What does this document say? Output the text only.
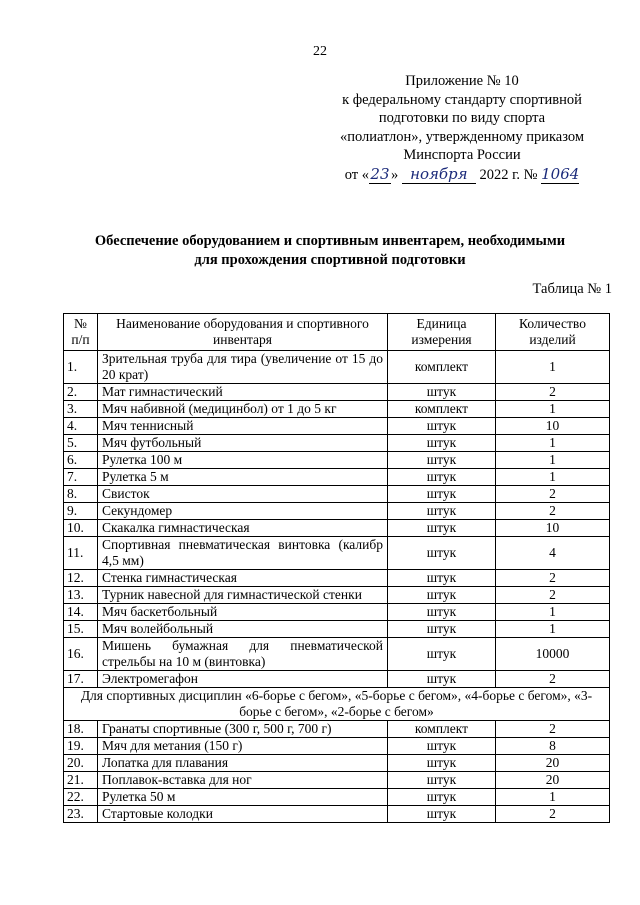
22
Приложение № 10
к федеральному стандарту спортивной
подготовки по виду спорта
«полиатлон», утвержденному приказом
Минспорта России
от «23» ноября 2022 г. № 1064
Обеспечение оборудованием и спортивным инвентарем, необходимыми
для прохождения спортивной подготовки
Таблица № 1
№ п/п	Наименование оборудования и спортивного инвентаря	Единица измерения	Количество изделий
1.	Зрительная труба для тира (увеличение от 15 до 20 крат)	комплект	1
2.	Мат гимнастический	штук	2
3.	Мяч набивной (медицинбол) от 1 до 5 кг	комплект	1
4.	Мяч теннисный	штук	10
5.	Мяч футбольный	штук	1
6.	Рулетка 100 м	штук	1
7.	Рулетка 5 м	штук	1
8.	Свисток	штук	2
9.	Секундомер	штук	2
10.	Скакалка гимнастическая	штук	10
11.	Спортивная пневматическая винтовка (калибр 4,5 мм)	штук	4
12.	Стенка гимнастическая	штук	2
13.	Турник навесной для гимнастической стенки	штук	2
14.	Мяч баскетбольный	штук	1
15.	Мяч волейбольный	штук	1
16.	Мишень бумажная для пневматической стрельбы на 10 м (винтовка)	штук	10000
17.	Электромегафон	штук	2
Для спортивных дисциплин «6-борье с бегом», «5-борье с бегом», «4-борье с бегом», «3-борье с бегом», «2-борье с бегом»			
18.	Гранаты спортивные (300 г, 500 г, 700 г)	комплект	2
19.	Мяч для метания (150 г)	штук	8
20.	Лопатка для плавания	штук	20
21.	Поплавок-вставка для ног	штук	20
22.	Рулетка 50 м	штук	1
23.	Стартовые колодки	штук	2
